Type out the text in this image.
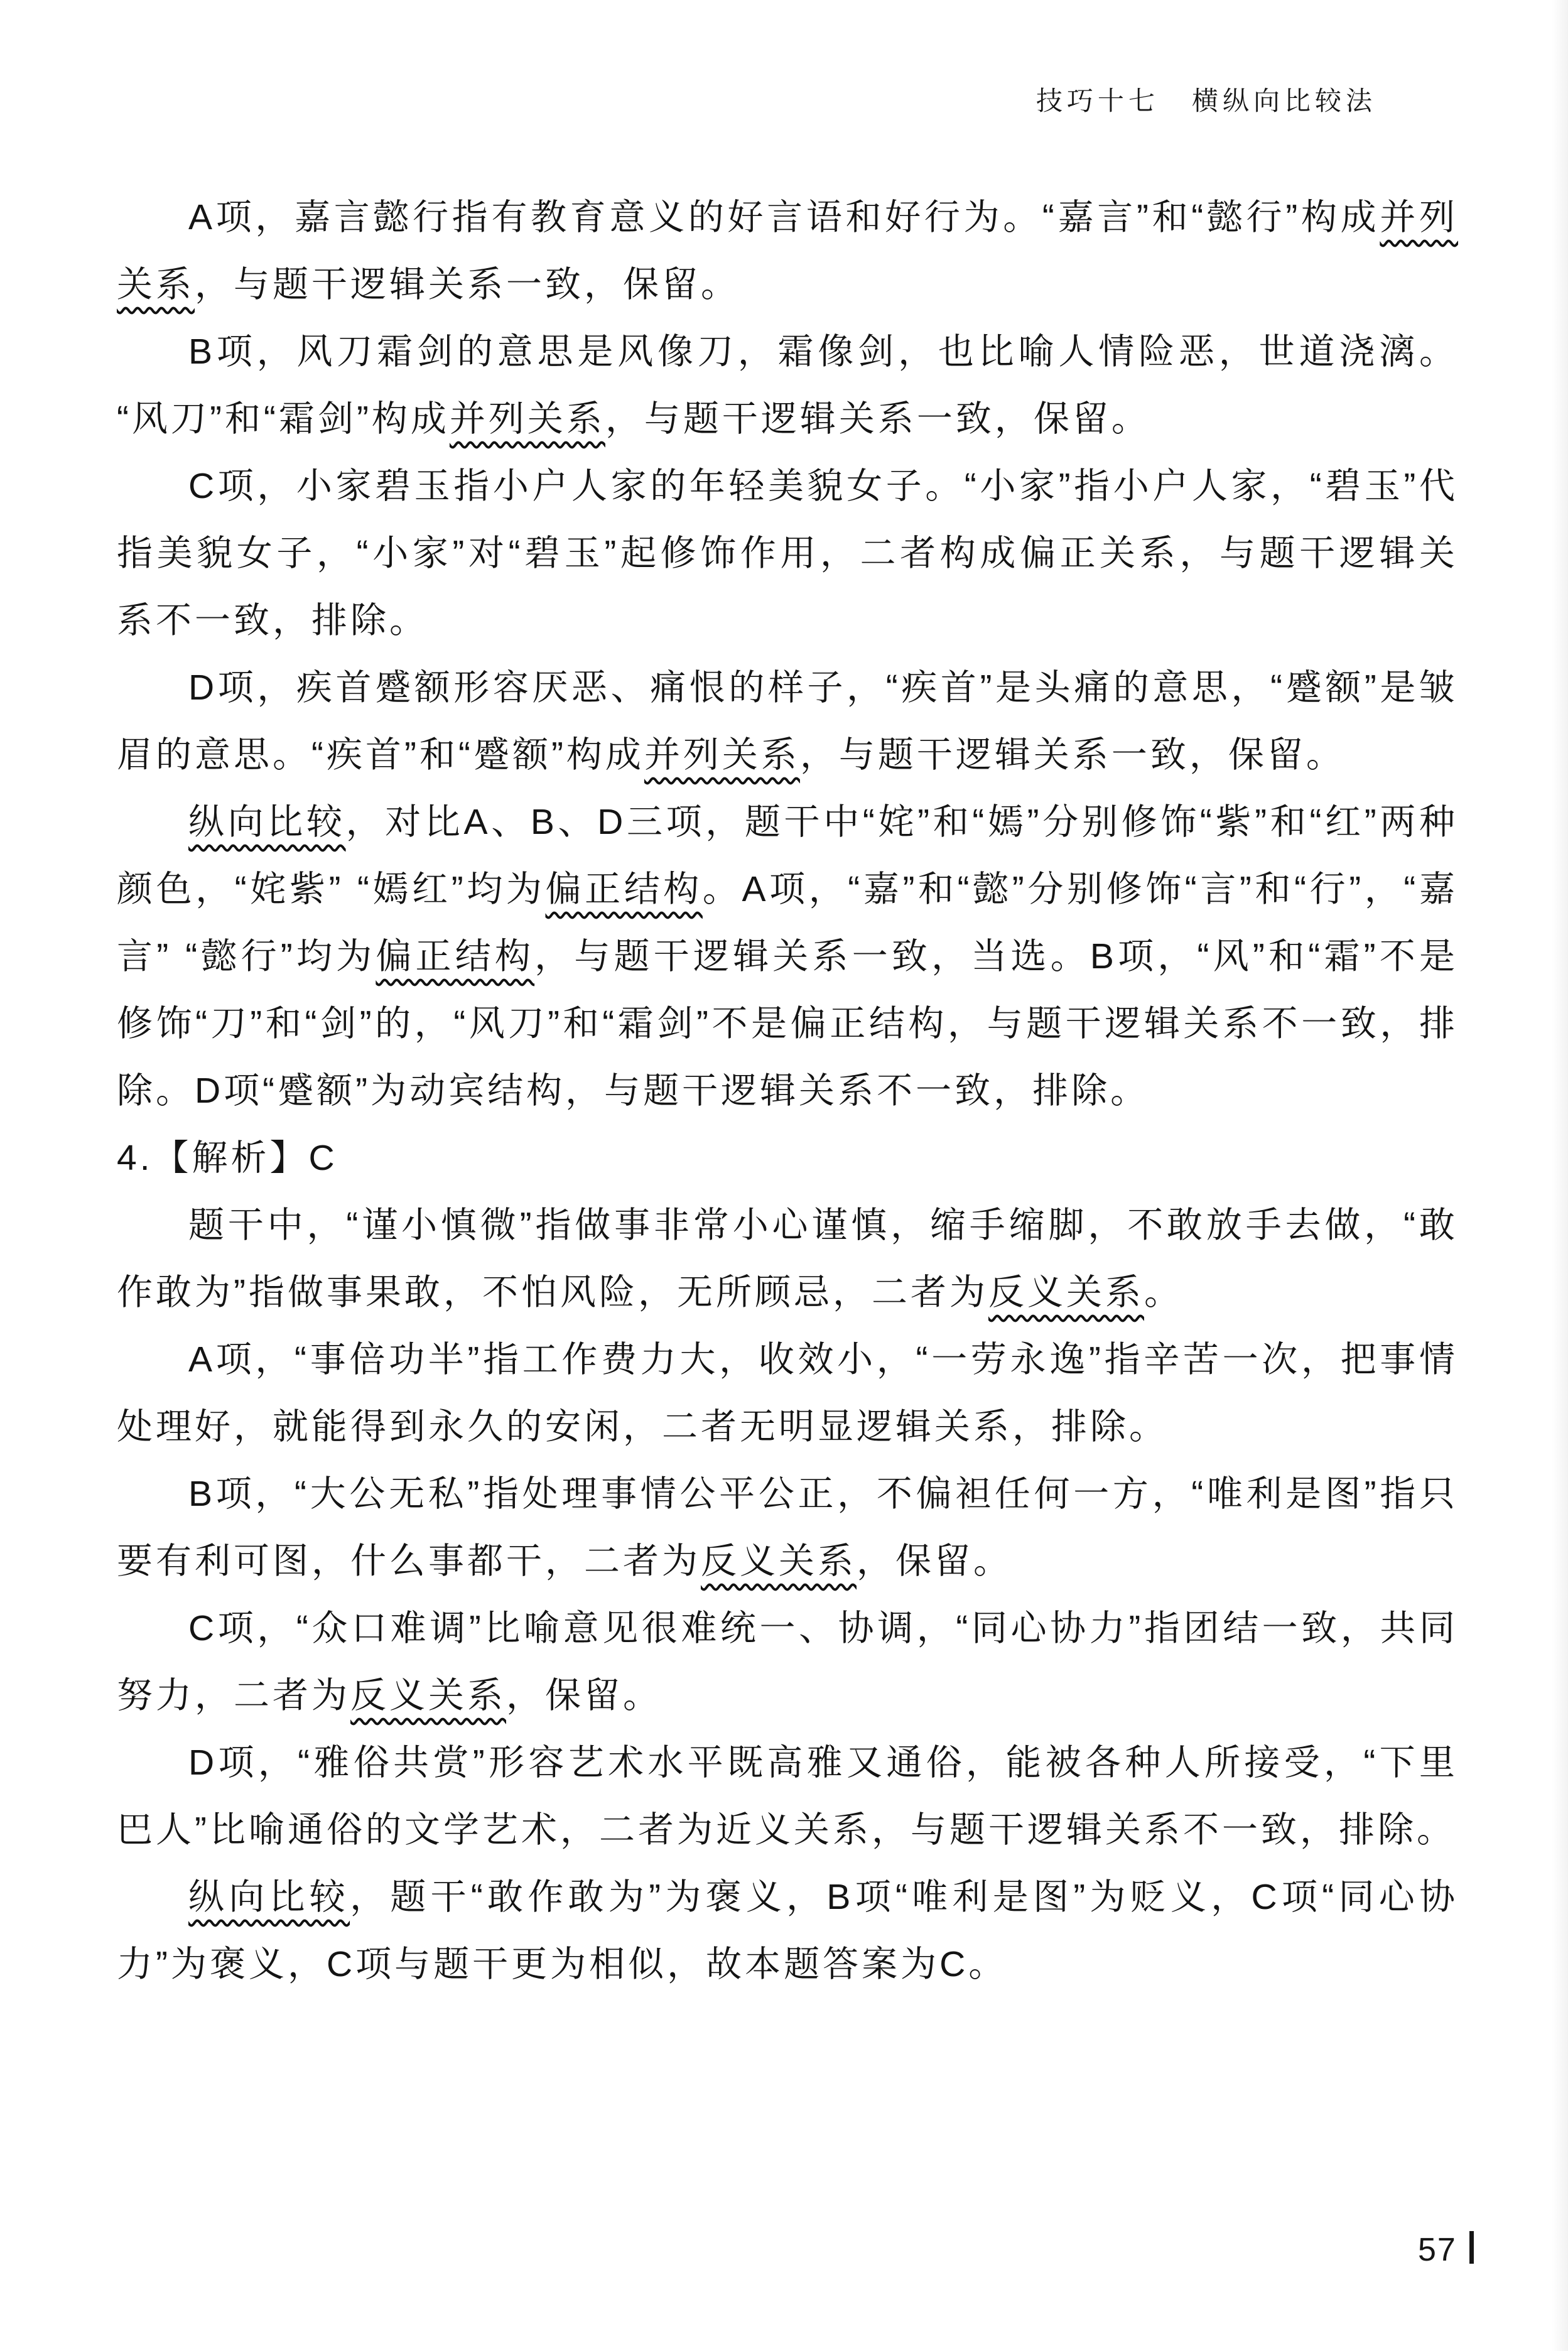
技巧十七 横纵向比较法

A项，嘉言懿行指有教育意义的好言语和好行为。“嘉言”和“懿行”构成并列关系，与题干逻辑关系一致，保留。

B项，风刀霜剑的意思是风像刀，霜像剑，也比喻人情险恶，世道浇漓。“风刀”和“霜剑”构成并列关系，与题干逻辑关系一致，保留。

C项，小家碧玉指小户人家的年轻美貌女子。“小家”指小户人家，“碧玉”代指美貌女子，“小家”对“碧玉”起修饰作用，二者构成偏正关系，与题干逻辑关系不一致，排除。

D项，疾首蹙额形容厌恶、痛恨的样子，“疾首”是头痛的意思，“蹙额”是皱眉的意思。“疾首”和“蹙额”构成并列关系，与题干逻辑关系一致，保留。

纵向比较，对比A、B、D三项，题干中“姹”和“嫣”分别修饰“紫”和“红”两种颜色，“姹紫” “嫣红”均为偏正结构。A项，“嘉”和“懿”分别修饰“言”和“行”，“嘉言” “懿行”均为偏正结构，与题干逻辑关系一致，当选。B项，“风”和“霜”不是修饰“刀”和“剑”的，“风刀”和“霜剑”不是偏正结构，与题干逻辑关系不一致，排除。D项“蹙额”为动宾结构，与题干逻辑关系不一致，排除。

4.【解析】C

题干中，“谨小慎微”指做事非常小心谨慎，缩手缩脚，不敢放手去做，“敢作敢为”指做事果敢，不怕风险，无所顾忌，二者为反义关系。

A项，“事倍功半”指工作费力大，收效小，“一劳永逸”指辛苦一次，把事情处理好，就能得到永久的安闲，二者无明显逻辑关系，排除。

B项，“大公无私”指处理事情公平公正，不偏袒任何一方，“唯利是图”指只要有利可图，什么事都干，二者为反义关系，保留。

C项，“众口难调”比喻意见很难统一、协调，“同心协力”指团结一致，共同努力，二者为反义关系，保留。

D项，“雅俗共赏”形容艺术水平既高雅又通俗，能被各种人所接受，“下里巴人”比喻通俗的文学艺术，二者为近义关系，与题干逻辑关系不一致，排除。

纵向比较，题干“敢作敢为”为褒义，B项“唯利是图”为贬义，C项“同心协力”为褒义，C项与题干更为相似，故本题答案为C。

57
